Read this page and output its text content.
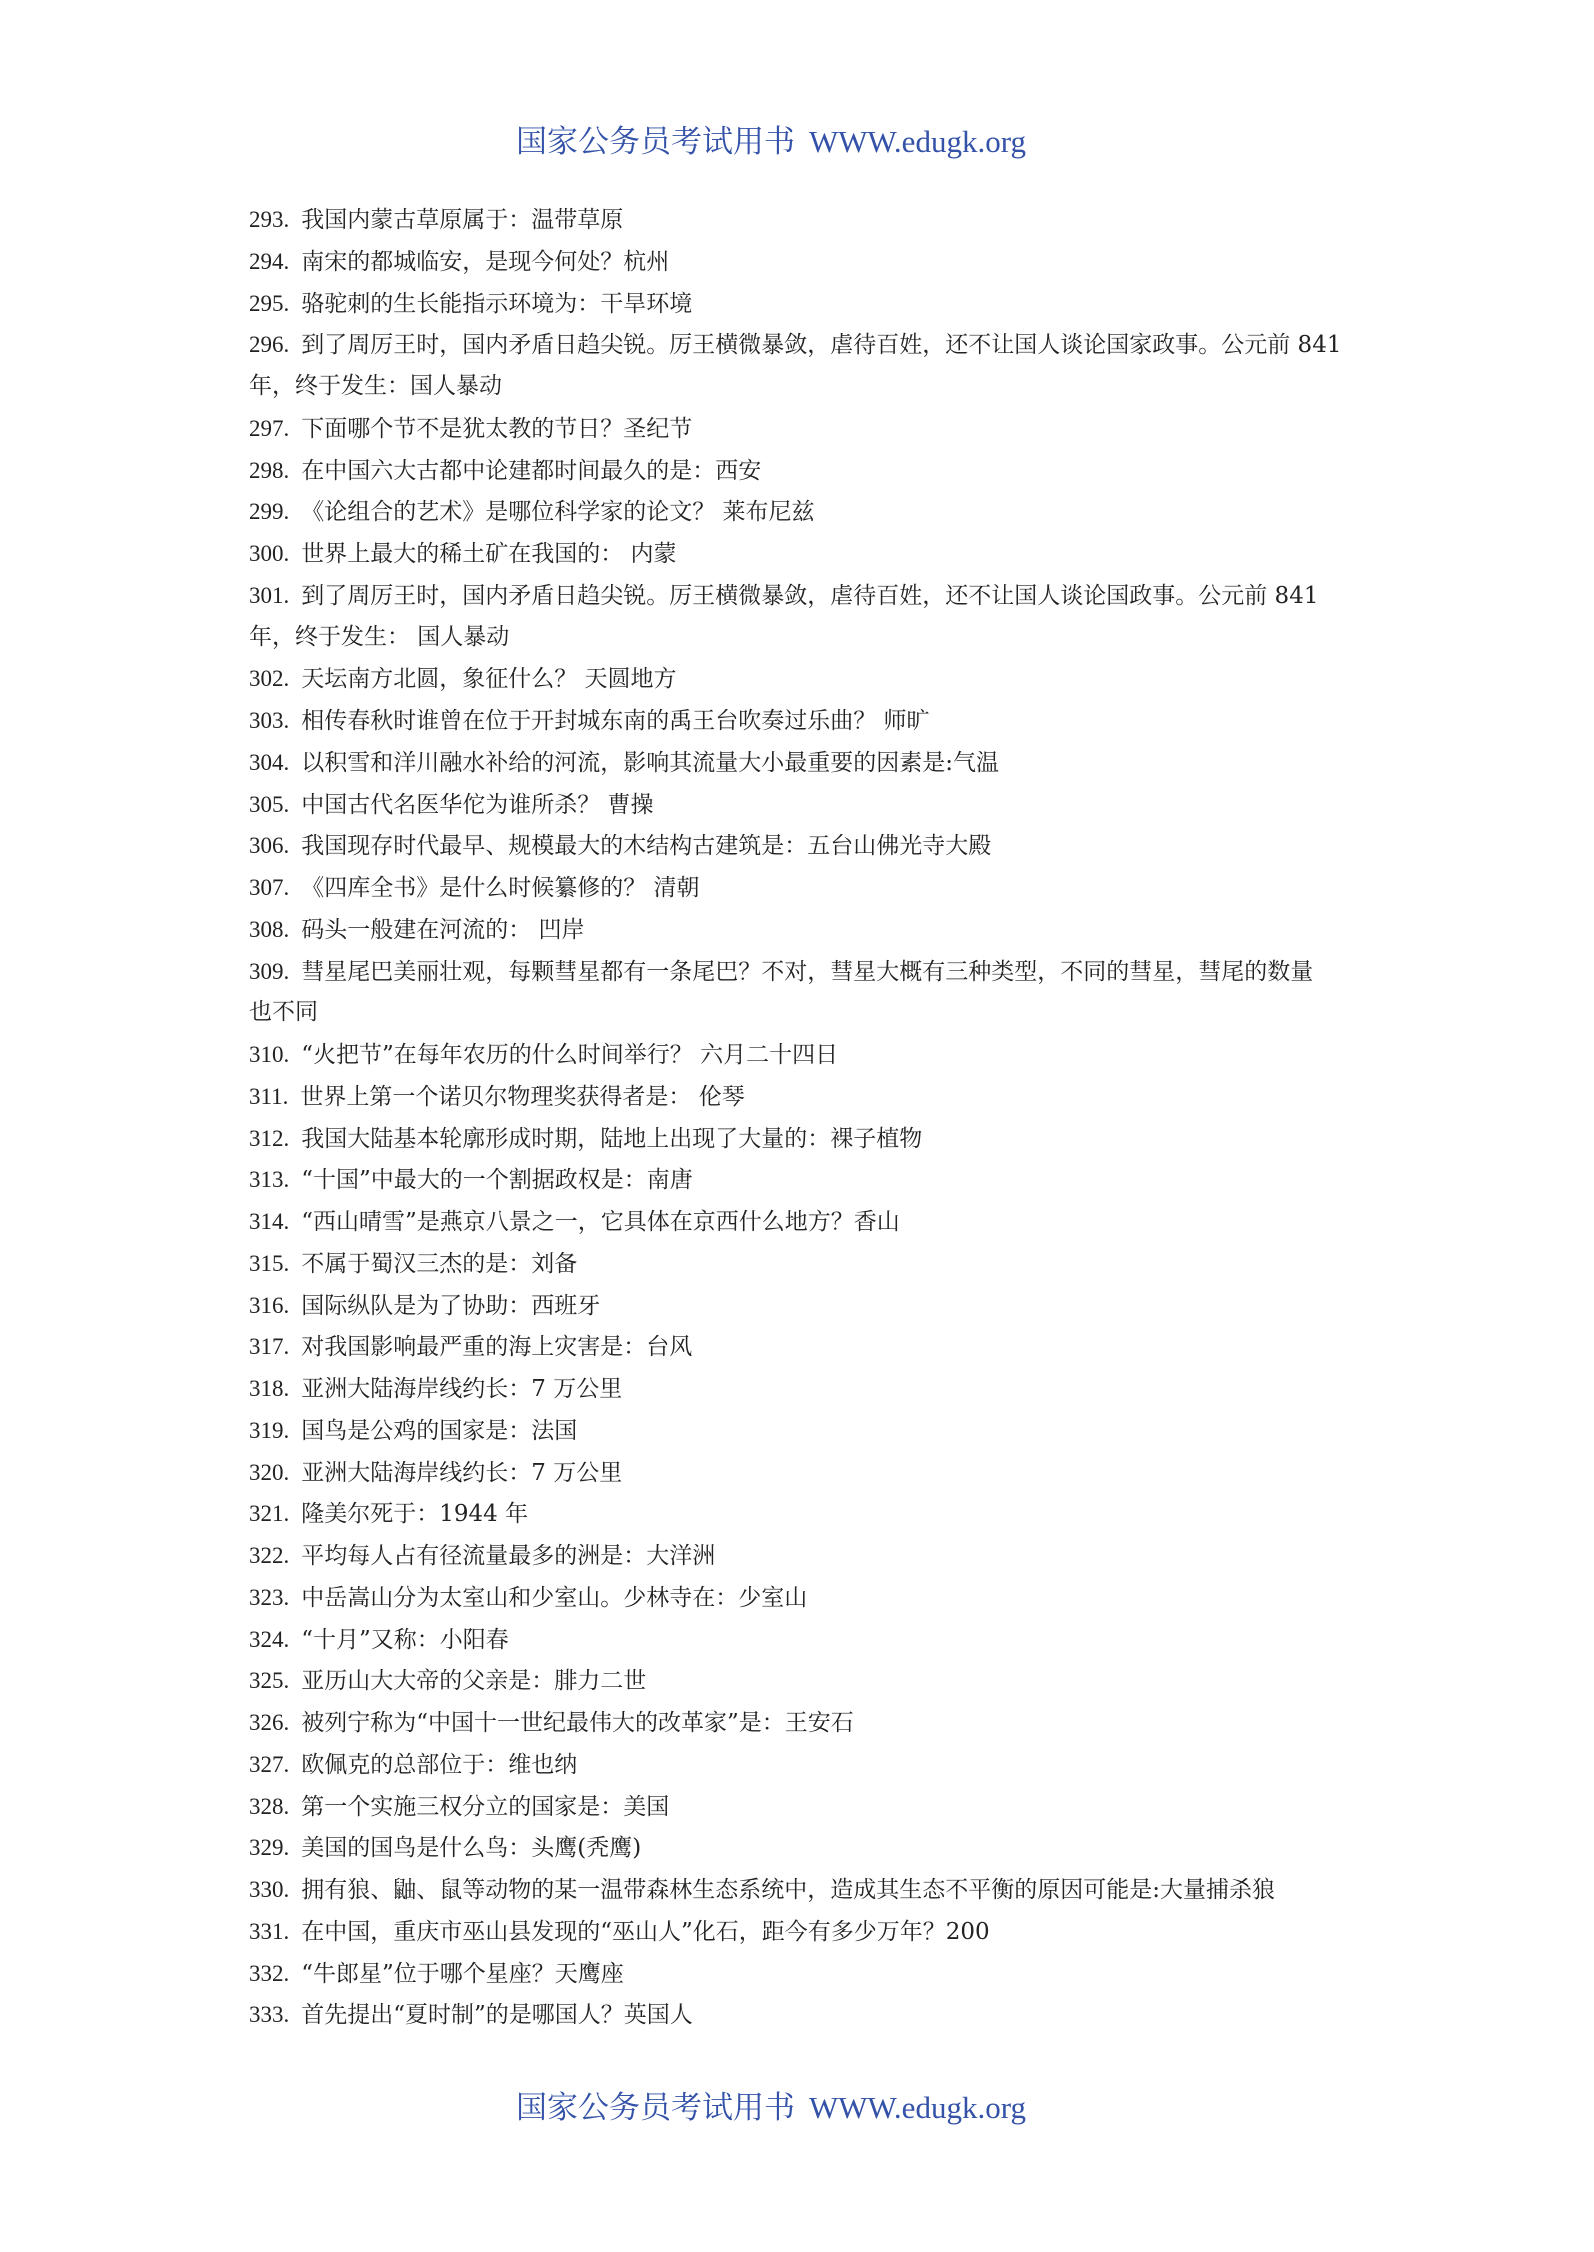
国家公务员考试用书 WWW.edugk.org
293. 我国内蒙古草原属于：温带草原
294. 南宋的都城临安，是现今何处？杭州
295. 骆驼刺的生长能指示环境为：干旱环境
296. 到了周厉王时，国内矛盾日趋尖锐。厉王横微暴敛，虐待百姓，还不让国人谈论国家政事。公元前 841
年，终于发生：国人暴动
297. 下面哪个节不是犹太教的节日？圣纪节
298. 在中国六大古都中论建都时间最久的是：西安
299. 《论组合的艺术》是哪位科学家的论文？ 莱布尼兹
300. 世界上最大的稀土矿在我国的： 内蒙
301. 到了周厉王时，国内矛盾日趋尖锐。厉王横微暴敛，虐待百姓，还不让国人谈论国政事。公元前 841
年，终于发生： 国人暴动
302. 天坛南方北圆，象征什么？ 天圆地方
303. 相传春秋时谁曾在位于开封城东南的禹王台吹奏过乐曲？ 师旷
304. 以积雪和洋川融水补给的河流，影响其流量大小最重要的因素是:气温
305. 中国古代名医华佗为谁所杀？ 曹操
306. 我国现存时代最早、规模最大的木结构古建筑是：五台山佛光寺大殿
307. 《四库全书》是什么时候纂修的？ 清朝
308. 码头一般建在河流的： 凹岸
309. 彗星尾巴美丽壮观，每颗彗星都有一条尾巴？不对，彗星大概有三种类型，不同的彗星，彗尾的数量
也不同
310. “火把节”在每年农历的什么时间举行？ 六月二十四日
311. 世界上第一个诺贝尔物理奖获得者是： 伦琴
312. 我国大陆基本轮廓形成时期，陆地上出现了大量的：裸子植物
313. “十国”中最大的一个割据政权是：南唐
314. “西山晴雪”是燕京八景之一，它具体在京西什么地方？香山
315. 不属于蜀汉三杰的是：刘备
316. 国际纵队是为了协助：西班牙
317. 对我国影响最严重的海上灾害是：台风
318. 亚洲大陆海岸线约长：7 万公里
319. 国鸟是公鸡的国家是：法国
320. 亚洲大陆海岸线约长：7 万公里
321. 隆美尔死于：1944 年
322. 平均每人占有径流量最多的洲是：大洋洲
323. 中岳嵩山分为太室山和少室山。少林寺在：少室山
324. “十月”又称：小阳春
325. 亚历山大大帝的父亲是：腓力二世
326. 被列宁称为“中国十一世纪最伟大的改革家”是：王安石
327. 欧佩克的总部位于：维也纳
328. 第一个实施三权分立的国家是：美国
329. 美国的国鸟是什么鸟：头鹰(秃鹰)
330. 拥有狼、鼬、鼠等动物的某一温带森林生态系统中，造成其生态不平衡的原因可能是:大量捕杀狼
331. 在中国，重庆市巫山县发现的“巫山人”化石，距今有多少万年？200
332. “牛郎星”位于哪个星座？天鹰座
333. 首先提出“夏时制”的是哪国人？英国人
国家公务员考试用书 WWW.edugk.org
